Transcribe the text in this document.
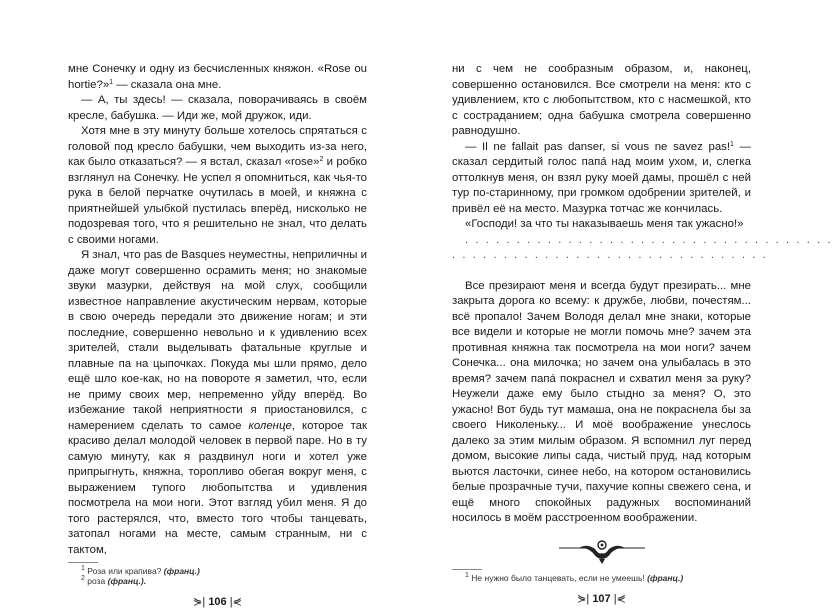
мне Сонечку и одну из бесчисленных княжон. «Rose ou hortie?»$^1$ — сказала она мне.

— А, ты здесь! — сказала, поворачиваясь в своём кресле, бабушка. — Иди же, мой дружок, иди.

Хотя мне в эту минуту больше хотелось спрятаться с головой под кресло бабушки, чем выходить из-за него, как было отказаться? — я встал, сказал «rose»$^2$ и робко взглянул на Сонечку. Не успел я опомниться, как чья-то рука в белой перчатке очутилась в моей, и княжна с приятнейшей улыбкой пустилась вперёд, нисколько не подозревая того, что я решительно не знал, что делать с своими ногами.

Я знал, что pas de Basques неуместны, неприличны и даже могут совершенно осрамить меня; но знакомые звуки мазурки, действуя на мой слух, сообщили известное направление акустическим нервам, которые в свою очередь передали это движение ногам; и эти последние, совершенно невольно и к удивлению всех зрителей, стали выделывать фатальные круглые и плавные па на цыпочках. Покуда мы шли прямо, дело ещё шло кое-как, но на повороте я заметил, что, если не приму своих мер, непременно уйду вперёд. Во избежание такой неприятности я приостановился, с намерением сделать то самое коленце, которое так красиво делал молодой человек в первой паре. Но в ту самую минуту, как я раздвинул ноги и хотел уже припрыгнуть, княжна, торопливо обегая вокруг меня, с выражением тупого любопытства и удивления посмотрела на мои ноги. Этот взгляд убил меня. Я до того растерялся, что, вместо того чтобы танцевать, затопал ногами на месте, самым странным, ни с тактом,

$^1$ Роза или крапива? (франц.)
$^2$ роза (франц.).
⋟| 106 |⋞

ни с чем не сообразным образом, и, наконец, совершенно остановился. Все смотрели на меня: кто с удивлением, кто с любопытством, кто с насмешкой, кто с состраданием; одна бабушка смотрела совершенно равнодушно.

— Il ne fallait pas danser, si vous ne savez pas!$^1$ — сказал сердитый голос папа́ над моим ухом, и, слегка оттолкнув меня, он взял руку моей дамы, прошёл с ней тур по-старинному, при громком одобрении зрителей, и привёл её на место. Мазурка тотчас же кончилась.

«Господи! за что ты наказываешь меня так ужасно!»

....................................
...............................

Все презирают меня и всегда будут презирать... мне закрыта дорога ко всему: к дружбе, любви, почестям... всё пропало! Зачем Володя делал мне знаки, которые все видели и которые не могли помочь мне? зачем эта противная княжна так посмотрела на мои ноги? зачем Сонечка... она милочка; но зачем она улыбалась в это время? зачем папа́ покраснел и схватил меня за руку? Неужели даже ему было стыдно за меня? О, это ужасно! Вот будь тут мамаша, она не покраснела бы за своего Николеньку... И моё воображение унеслось далеко за этим милым образом. Я вспомнил луг перед домом, высокие липы сада, чистый пруд, над которым вьются ласточки, синее небо, на котором остановились белые прозрачные тучи, пахучие копны свежего сена, и ещё много спокойных радужных воспоминаний носилось в моём расстроенном воображении.

$^1$ Не нужно было танцевать, если не умеешь! (франц.)
⋟| 107 |⋞
